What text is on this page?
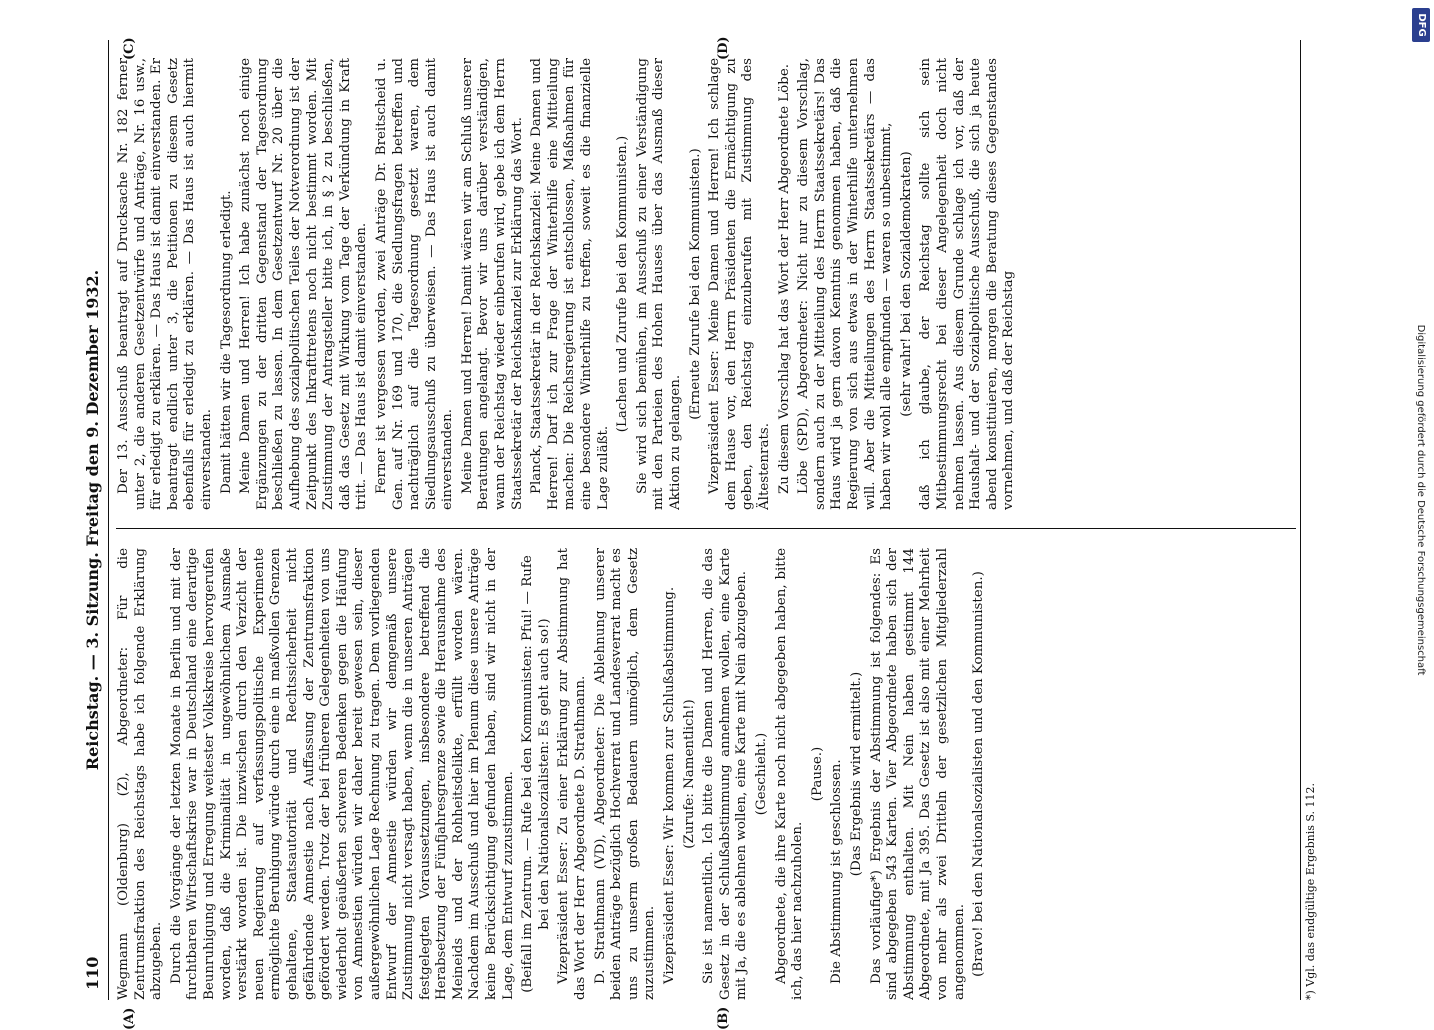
DFG
Digitalisierung gefördert durch die Deutsche Forschungsgemeinschaft
110
Reichstag. — 3. Sitzung. Freitag den 9. Dezember 1932.

Wegmann (Oldenburg) (Z), Abgeordneter: Für die Zentrumsfraktion des Reichstags habe ich folgende Erklärung abzugeben. Durch die Vorgänge der letzten Monate in Berlin und mit der furchtbaren Wirtschaftskrise war in Deutschland eine derartige Beunruhigung und Erregung weitester Volkskreise hervorgerufen worden, daß die Kriminalität in ungewöhnlichem Ausmaße verstärkt worden ist. Die inzwischen durch den Verzicht der neuen Regierung auf verfassungspolitische Experimente ermöglichte Beruhigung würde durch eine in maßvollen Grenzen gehaltene, Staatsautorität und Rechtssicherheit nicht gefährdende Amnestie nach Auffassung der Zentrumsfraktion gefördert werden. Trotz der bei früheren Gelegenheiten von uns wiederholt geäußerten schweren Bedenken gegen die Häufung von Amnestien würden wir daher bereit gewesen sein, dieser außergewöhnlichen Lage Rechnung zu tragen. Dem vorliegenden Entwurf der Amnestie würden wir demgemäß unsere Zustimmung nicht versagt haben, wenn die in unseren Anträgen festgelegten Voraussetzungen, insbesondere betreffend die Herabsetzung der Fünfjahresgrenze sowie die Herausnahme des Meineids und der Rohheitsdelikte, erfüllt worden wären. Nachdem im Ausschuß und hier im Plenum diese unsere Anträge keine Berücksichtigung gefunden haben, sind wir nicht in der Lage, dem Entwurf zuzustimmen. (Beifall im Zentrum. — Rufe bei den Kommunisten: Pfui! — Rufe bei den Nationalsozialisten: Es geht auch so!) Vizepräsident Esser: Zu einer Erklärung zur Abstimmung hat das Wort der Herr Abgeordnete D. Strathmann. D. Strathmann (VD), Abgeordneter: Die Ablehnung unserer beiden Anträge bezüglich Hochverrat und Landesverrat macht es uns zu unserm großen Bedauern unmöglich, dem Gesetz zuzustimmen. Vizepräsident Esser: Wir kommen zur Schlußabstimmung. (Zurufe: Namentlich!) Sie ist namentlich. Ich bitte die Damen und Herren, die das Gesetz in der Schlußabstimmung annehmen wollen, eine Karte mit Ja, die es ablehnen wollen, eine Karte mit Nein abzugeben. (Geschieht.) Abgeordnete, die ihre Karte noch nicht abgegeben haben, bitte ich, das hier nachzuholen.

(Pause.) Die Abstimmung ist geschlossen. (Das Ergebnis wird ermittelt.) Das vorläufige*) Ergebnis der Abstimmung ist folgendes: Es sind abgegeben 543 Karten. Vier Abgeordnete haben sich der Abstimmung enthalten. Mit Nein haben gestimmt 144 Abgeordnete, mit Ja 395. Das Gesetz ist also mit einer Mehrheit von mehr als zwei Dritteln der gesetzlichen Mitgliederzahl angenommen. (Bravo! bei den Nationalsozialisten und den Kommunisten.)

Der 13. Ausschuß beantragt auf Drucksache Nr. 182 ferner unter 2, die anderen Gesetzentwürfe und Anträge, Nr. 16 usw., für erledigt zu erklären. — Das Haus ist damit einverstanden. Er beantragt endlich unter 3, die Petitionen zu diesem Gesetz ebenfalls für erledigt zu erklären. — Das Haus ist auch hiermit einverstanden. Damit hätten wir die Tagesordnung erledigt. Meine Damen und Herren! Ich habe zunächst noch einige Ergänzungen zu der dritten Gegenstand der Tagesordnung beschließen zu lassen. In dem Gesetzentwurf Nr. 20 über die Aufhebung des sozialpolitischen Teiles der Notverordnung ist der Zeitpunkt des Inkrafttretens noch nicht bestimmt worden. Mit Zustimmung der Antragsteller bitte ich, in § 2 zu beschließen, daß das Gesetz mit Wirkung vom Tage der Verkündung in Kraft tritt. — Das Haus ist damit einverstanden. Ferner ist vergessen worden, zwei Anträge Dr. Breitscheid u. Gen. auf Nr. 169 und 170, die Siedlungsfragen betreffen und nachträglich auf die Tagesordnung gesetzt waren, dem Siedlungsausschuß zu überweisen. — Das Haus ist auch damit einverstanden. Meine Damen und Herren! Damit wären wir am Schluß unserer Beratungen angelangt. Bevor wir uns darüber verständigen, wann der Reichstag wieder einberufen wird, gebe ich dem Herrn Staatssekretär der Reichskanzlei zur Erklärung das Wort. Planck, Staatssekretär in der Reichskanzlei: Meine Damen und Herren! Darf ich zur Frage der Winterhilfe eine Mitteilung machen: Die Reichsregierung ist entschlossen, Maßnahmen für eine besondere Winterhilfe zu treffen, soweit es die finanzielle Lage zuläßt.

(Lachen und Zurufe bei den Kommunisten.) Sie wird sich bemühen, im Ausschuß zu einer Verständigung mit den Parteien des Hohen Hauses über das Ausmaß dieser Aktion zu gelangen.

(Erneute Zurufe bei den Kommunisten.) Vizepräsident Esser: Meine Damen und Herren! Ich schlage dem Hause vor, den Herrn Präsidenten die Ermächtigung zu geben, den Reichstag einzuberufen mit Zustimmung des Ältestenrats. Zu diesem Vorschlag hat das Wort der Herr Abgeordnete Löbe. Löbe (SPD), Abgeordneter: Nicht nur zu diesem Vorschlag, sondern auch zu der Mitteilung des Herrn Staatssekretärs! Das Haus wird ja gern davon Kenntnis genommen haben, daß die Regierung von sich aus etwas in der Winterhilfe unternehmen will. Aber die Mitteilungen des Herrn Staatssekretärs — das haben wir wohl alle empfunden — waren so unbestimmt, (sehr wahr! bei den Sozialdemokraten) daß ich glaube, der Reichstag sollte sich sein Mitbestimmungsrecht bei dieser Angelegenheit doch nicht nehmen lassen. Aus diesem Grunde schlage ich vor, daß der Haushalt- und der Sozialpolitische Ausschuß, die sich ja heute abend konstituieren, morgen die Beratung dieses Gegenstandes vornehmen, und daß der Reichstag

(A)	(B)
(C)	(D)
*) Vgl. das endgültige Ergebnis S. 112.
